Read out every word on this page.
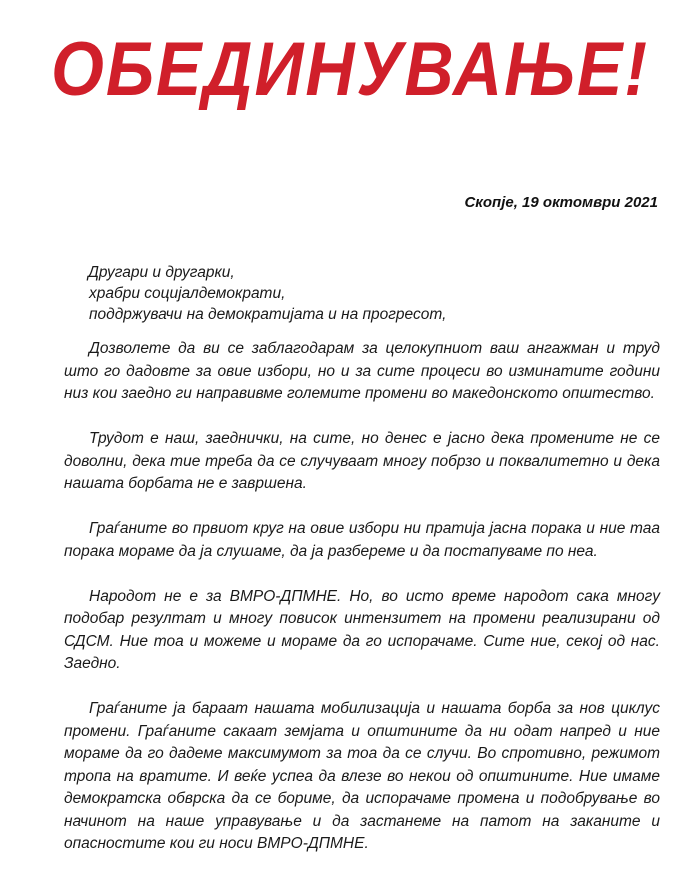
ОБЕДИНУВАЊЕ!
Скопје, 19 октомври 2021
Другари и другарки,
храбри социјалдемократи,
поддржувачи на демократијата и на прогресот,

Дозволете да ви се заблагодарам за целокупниот ваш ангажман и труд што го дадовте за овие избори, но и за сите процеси во изминатите години низ кои заедно ги направивме големите промени во македонското општество.

Трудот е наш, заеднички, на сите, но денес е јасно дека промените не се доволни, дека тие треба да се случуваат многу побрзо и поквалитетно и дека нашата борбата не е завршена.

Граѓаните во првиот круг на овие избори ни пратија јасна порака и ние таа порака мораме да ја слушаме, да ја разбереме и да постапуваме по неа.

Народот не е за ВМРО-ДПМНЕ. Но, во исто време народот сака многу подобар резултат и многу повисок интензитет на промени реализирани од СДСМ. Ние тоа и можеме и мораме да го испорачаме. Сите ние, секој од нас. Заедно.

Граѓаните ја бараат нашата мобилизација и нашата борба за нов циклус промени. Граѓаните сакаат земјата и општините да ни одат напред и ние мораме да го дадеме максимумот за тоа да се случи. Во спротивно, режимот тропа на вратите. И веќе успеа да влезе во некои од општините. Ние имаме демократска обврска да се бориме, да испорачаме промена и подобрување во начинот на наше управување и да застанеме на патот на заканите и опасностите кои ги носи ВМРО-ДПМНЕ.
